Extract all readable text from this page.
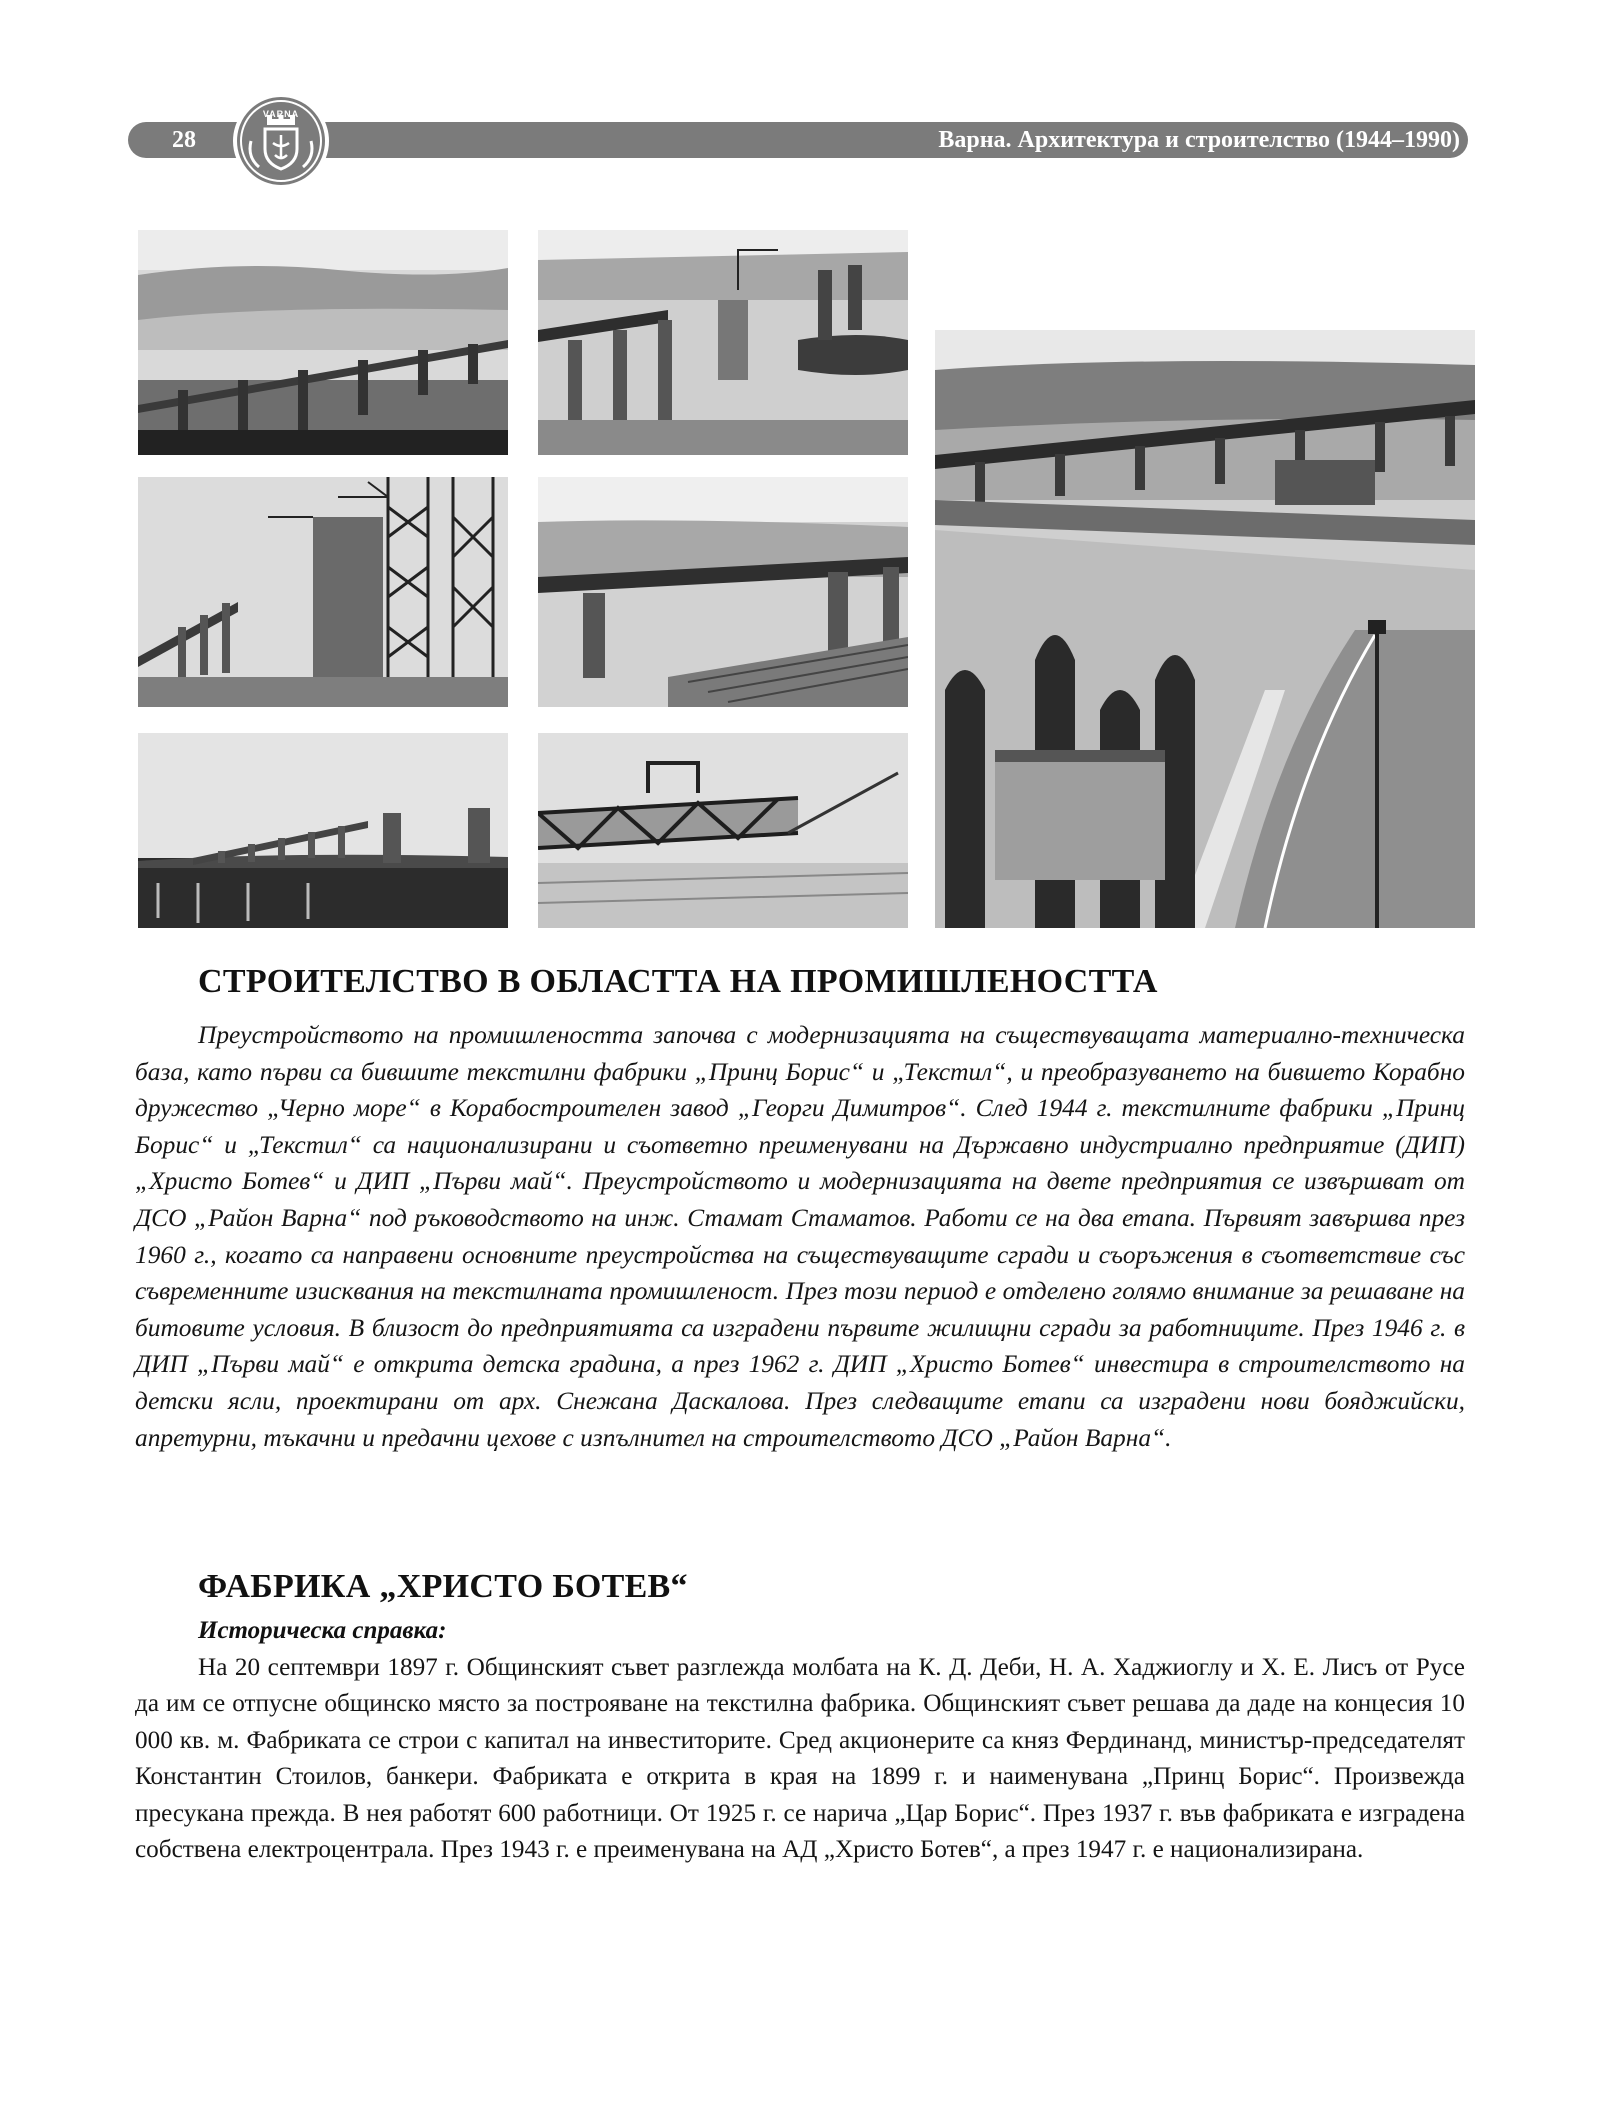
28	Варна. Архитектура и строителство (1944–1990)
VARNA
СТРОИТЕЛСТВО В ОБЛАСТТА НА ПРОМИШЛЕНОСТТА

Преустройството на промишлеността започва с модернизацията на съществуващата материално-техническа база, като първи са бившите текстилни фабрики „Принц Борис“ и „Текстил“, и преобразуването на бившето Корабно дружество „Черно море“ в Корабостроителен завод „Георги Димитров“. След 1944 г. текстилните фабрики „Принц Борис“ и „Текстил“ са национализирани и съответно преименувани на Държавно индустриално предприятие (ДИП) „Христо Ботев“ и ДИП „Първи май“. Преустройството и модернизацията на двете предприятия се извършват от ДСО „Район Варна“ под ръководството на инж. Стамат Стаматов. Работи се на два етапа. Първият завършва през 1960 г., когато са направени основните преустройства на съществуващите сгради и съоръжения в съответствие със съвременните изисквания на текстилната промишленост. През този период е отделено голямо внимание за решаване на битовите условия. В близост до предприятията са изградени първите жилищни сгради за работниците. През 1946 г. в ДИП „Първи май“ е открита детска градина, а през 1962 г. ДИП „Христо Ботев“ инвестира в строителството на детски ясли, проектирани от арх. Снежана Даскалова. През следващите етапи са изградени нови бояджийски, апретурни, тъкачни и предачни цехове с изпълнител на строителството ДСО „Район Варна“.

ФАБРИКА „ХРИСТО БОТЕВ“
Историческа справка:

На 20 септември 1897 г. Общинският съвет разглежда молбата на К. Д. Деби, Н. А. Хаджиоглу и Х. Е. Лисъ от Русе да им се отпусне общинско място за построяване на текстилна фабрика. Общинският съвет решава да даде на концесия 10 000 кв. м. Фабриката се строи с капитал на инвеститорите. Сред акционерите са княз Фердинанд, министър-председателят Константин Стоилов, банкери. Фабриката е открита в края на 1899 г. и наименувана „Принц Борис“. Произвежда пресукана прежда. В нея работят 600 работници. От 1925 г. се нарича „Цар Борис“. През 1937 г. във фабриката е изградена собствена електроцентрала. През 1943 г. е преименувана на АД „Христо Ботев“, а през 1947 г. е национализирана.
